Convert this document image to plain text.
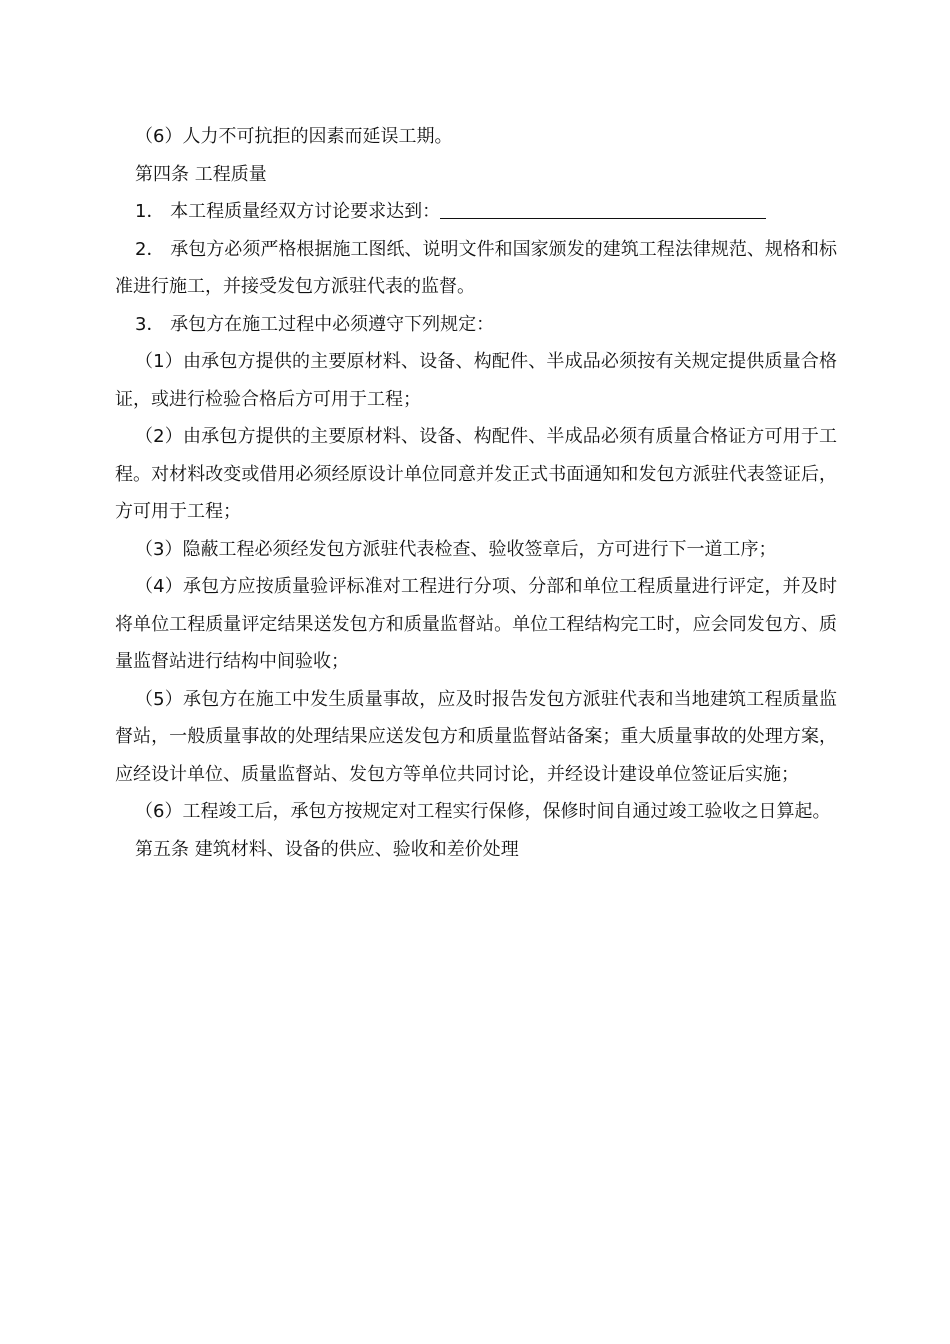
（6）人力不可抗拒的因素而延误工期。

第四条 工程质量

1． 本工程质量经双方讨论要求达到：

2． 承包方必须严格根据施工图纸、说明文件和国家颁发的建筑工程法律规范、规格和标准进行施工，并接受发包方派驻代表的监督。

3． 承包方在施工过程中必须遵守下列规定：

（1）由承包方提供的主要原材料、设备、构配件、半成品必须按有关规定提供质量合格证，或进行检验合格后方可用于工程；

（2）由承包方提供的主要原材料、设备、构配件、半成品必须有质量合格证方可用于工程。对材料改变或借用必须经原设计单位同意并发正式书面通知和发包方派驻代表签证后，方可用于工程；

（3）隐蔽工程必须经发包方派驻代表检查、验收签章后，方可进行下一道工序；

（4）承包方应按质量验评标准对工程进行分项、分部和单位工程质量进行评定，并及时将单位工程质量评定结果送发包方和质量监督站。单位工程结构完工时，应会同发包方、质量监督站进行结构中间验收；

（5）承包方在施工中发生质量事故，应及时报告发包方派驻代表和当地建筑工程质量监督站，一般质量事故的处理结果应送发包方和质量监督站备案；重大质量事故的处理方案，应经设计单位、质量监督站、发包方等单位共同讨论，并经设计建设单位签证后实施；

（6）工程竣工后，承包方按规定对工程实行保修，保修时间自通过竣工验收之日算起。

第五条 建筑材料、设备的供应、验收和差价处理
